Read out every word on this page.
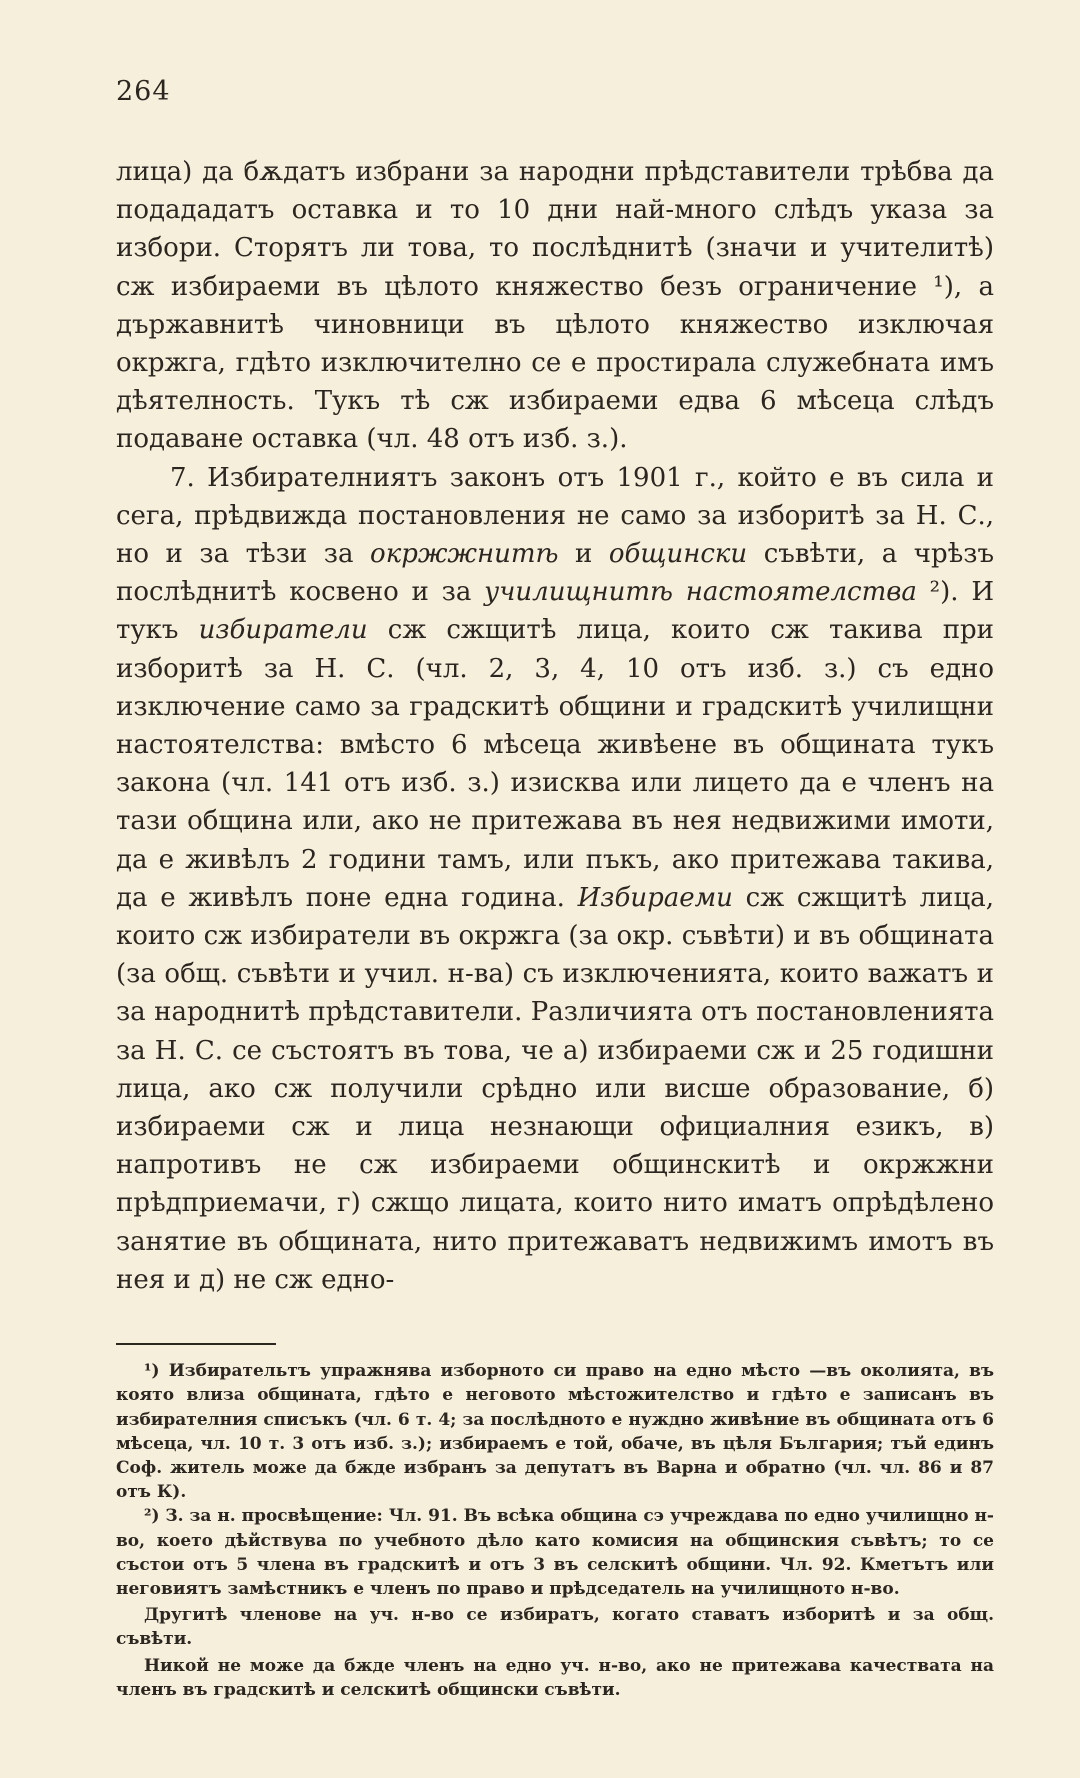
264

лица) да бѫдатъ избрани за народни прѣдставители трѣбва да подададатъ оставка и то 10 дни най-много слѣдъ указа за избори. Сторятъ ли това, то послѣднитѣ (значи и учителитѣ) сж избираеми въ цѣлото княжество безъ ограничение ¹), а държавнитѣ чиновници въ цѣлото княжество изключая окржга, гдѣто изключително се е простирала служебната имъ дѣятелность. Тукъ тѣ сж избираеми едва 6 мѣсеца слѣдъ подаване оставка (чл. 48 отъ изб. з.).

7. Избирателниятъ законъ отъ 1901 г., който е въ сила и сега, прѣдвижда постановления не само за изборитѣ за Н. С., но и за тѣзи за окржжнитѣ и общински съвѣти, а чрѣзъ послѣднитѣ косвено и за училищнитѣ настоятелства ²). И тукъ избиратели сж сжщитѣ лица, които сж такива при изборитѣ за Н. С. (чл. 2, 3, 4, 10 отъ изб. з.) съ едно изключение само за градскитѣ общини и градскитѣ училищни настоятелства: вмѣсто 6 мѣсеца живѣене въ общината тукъ закона (чл. 141 отъ изб. з.) изисква или лицето да е членъ на тази община или, ако не притежава въ нея недвижими имоти, да е живѣлъ 2 години тамъ, или пъкъ, ако притежава такива, да е живѣлъ поне една година. Избираеми сж сжщитѣ лица, които сж избиратели въ окржга (за окр. съвѣти) и въ общината (за общ. съвѣти и учил. н-ва) съ изключенията, които важатъ и за народнитѣ прѣдставители. Различията отъ постановленията за Н. С. се състоятъ въ това, че а) избираеми сж и 25 годишни лица, ако сж получили срѣдно или висше образование, б) избираеми сж и лица незнающи официалния езикъ, в) напротивъ не сж избираеми общинскитѣ и окржжни прѣдприемачи, г) сжщо лицата, които нито иматъ опрѣдѣлено занятие въ общината, нито притежаватъ недвижимъ имотъ въ нея и д) не сж едно-

¹) Избирательтъ упражнява изборното си право на едно мѣсто —въ околията, въ която влиза общината, гдѣто е неговото мѣстожителство и гдѣто е записанъ въ избирателния списъкъ (чл. 6 т. 4; за послѣдното е нуждно живѣние въ общината отъ 6 мѣсеца, чл. 10 т. 3 отъ изб. з.); избираемъ е той, обаче, въ цѣля България; тъй единъ Соф. житель може да бжде избранъ за депутатъ въ Варна и обратно (чл. чл. 86 и 87 отъ К).

²) З. за н. просвѣщение: Чл. 91. Въ всѣка община сэ учреждава по едно училищно н-во, което дѣйствува по учебното дѣло като комисия на общинския съвѣтъ; то се състои отъ 5 члена въ градскитѣ и отъ 3 въ селскитѣ общини. Чл. 92. Кметътъ или неговиятъ замѣстникъ е членъ по право и прѣдседатель на училищното н-во.

Другитѣ членове на уч. н-во се избиратъ, когато ставатъ изборитѣ и за общ. съвѣти.

Никой не може да бжде членъ на едно уч. н-во, ако не притежава качествата на членъ въ градскитѣ и селскитѣ общински съвѣти.
